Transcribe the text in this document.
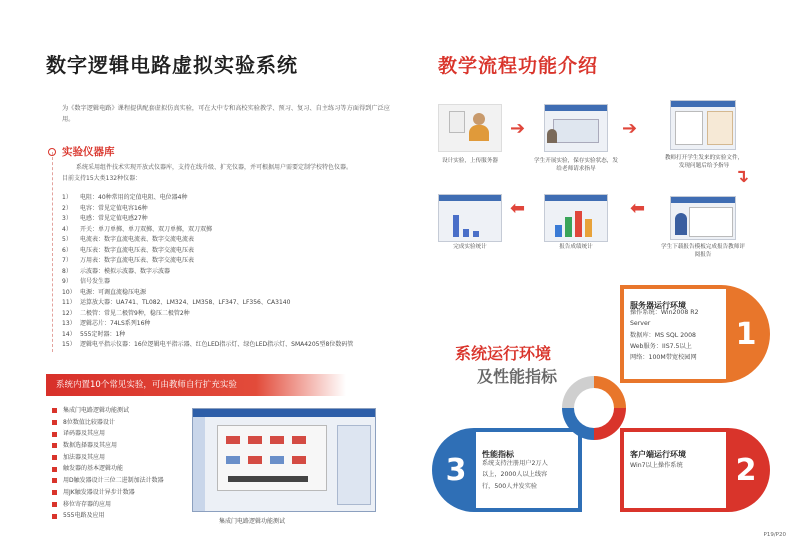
数字逻辑电路虚拟实验系统
为《数字逻辑电路》课程提供配套虚拟仿真实验，可在大中专和高校实验教学、预习、复习、自主练习等方面得到广泛应用。
实验仪器库
系统采用组件技术实现开放式仪器库，支持在线升级、扩充仪器，并可根据用户需要定制学校特色仪器。
目前支持15大类132种仪器：
1）	电阻：40种常用的定值电阻、电位器4种
2）	电容：常见定值电容16种
3）	电感：常见定值电感27种
4）	开关：单刀单掷、单刀双掷、双刀单掷，双刀双掷
5）	电流表：数字直流电流表、数字交流电流表
6）	电压表：数字直流电压表、数字交流电压表
7）	万用表：数字直流电压表、数字交流电压表
8）	示波器：模拟示波器、数字示波器
9）	信号发生器
10） 电源：可调直流稳压电源
11） 运算放大器：UA741、TL082、LM324、LM358、LF347、LF356、CA3140
12） 二极管：常见二极管9种，稳压二极管2种
13） 逻辑芯片：74LS系列16种
14） 555定时器：1种
15） 逻辑电平指示仪器：16位逻辑电平指示器、红色LED指示灯、绿色LED指示灯、SMA4205型8位数码管
系统内置10个常见实验，可由教师自行扩充实验
集成门电路逻辑功能测试
8位数值比较器设计
译码器及其应用
数据选择器及其应用
加法器及其应用
触发器的基本逻辑功能
用D触发器设计三位二进制加法计数器
用JK触发器设计异步计数器
移位寄存器的应用
555电路及应用
集成门电路逻辑功能测试
教学流程功能介绍
设计实验，上传服务器
➔
学生开展实验，保存实验状态，发给老师请求指导
➔
教师打开学生发来的实验文件，发现问题后给予指导 ↴
学生下载报告模板完成报告教师评阅报告
⬅
报告成绩统计
⬅
完成实验统计
系统运行环境
及性能指标
1
服务器运行环境
操作系统：Win2008 R2
Server
数据库：MS SQL 2008
Web服务：IIS7.5以上
网络：100M带宽校园网
3	性能指标
系统支持注册用户2万人
以上，2000人以上线容
行，500人并发实验	2
客户端运行环境
Win7以上操作系统
P19/P20
